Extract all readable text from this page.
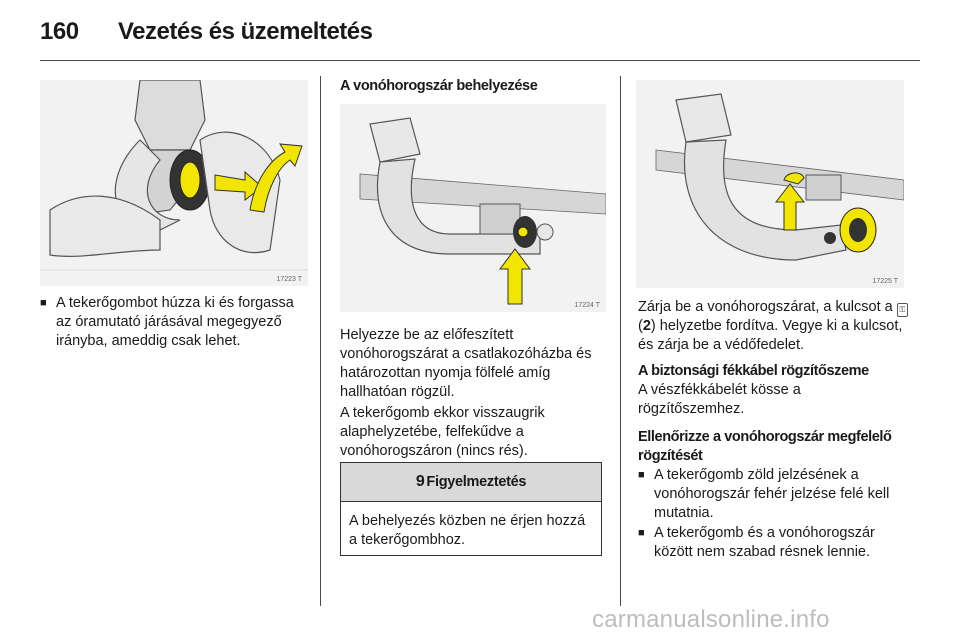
160 Vezetés és üzemeltetés
17223 T
■ A tekerőgombot húzza ki és forgassa az óramutató járásával megegyező irányba, ameddig csak lehet.

A vonóhorogszár behelyezése
17224 T

Helyezze be az előfeszített vonóhorogszárat a csatlakozóházba és határozottan nyomja fölfelé amíg hallhatóan rögzül.

A tekerőgomb ekkor visszaugrik alaphelyzetébe, felfekűdve a vonóhorogszáron (nincs rés).

9 Figyelmeztetés
A behelyezés közben ne érjen hozzá a tekerőgombhoz.
17225 T
Zárja be a vonóhorogszárat, a kulcsot a ⚿ (2) helyzetbe fordítva. Vegye ki a kulcsot, és zárja be a védőfedelet.
A biztonsági fékkábel rögzítőszeme
A vészfékkábelét kösse a rögzítőszemhez.
Ellenőrizze a vonóhorogszár megfelelő rögzítését
■ A tekerőgomb zöld jelzésének a vonóhorogszár fehér jelzése felé kell mutatnia.

■ A tekerőgomb és a vonóhorogszár között nem szabad résnek lennie.

carmanualsonline.info
